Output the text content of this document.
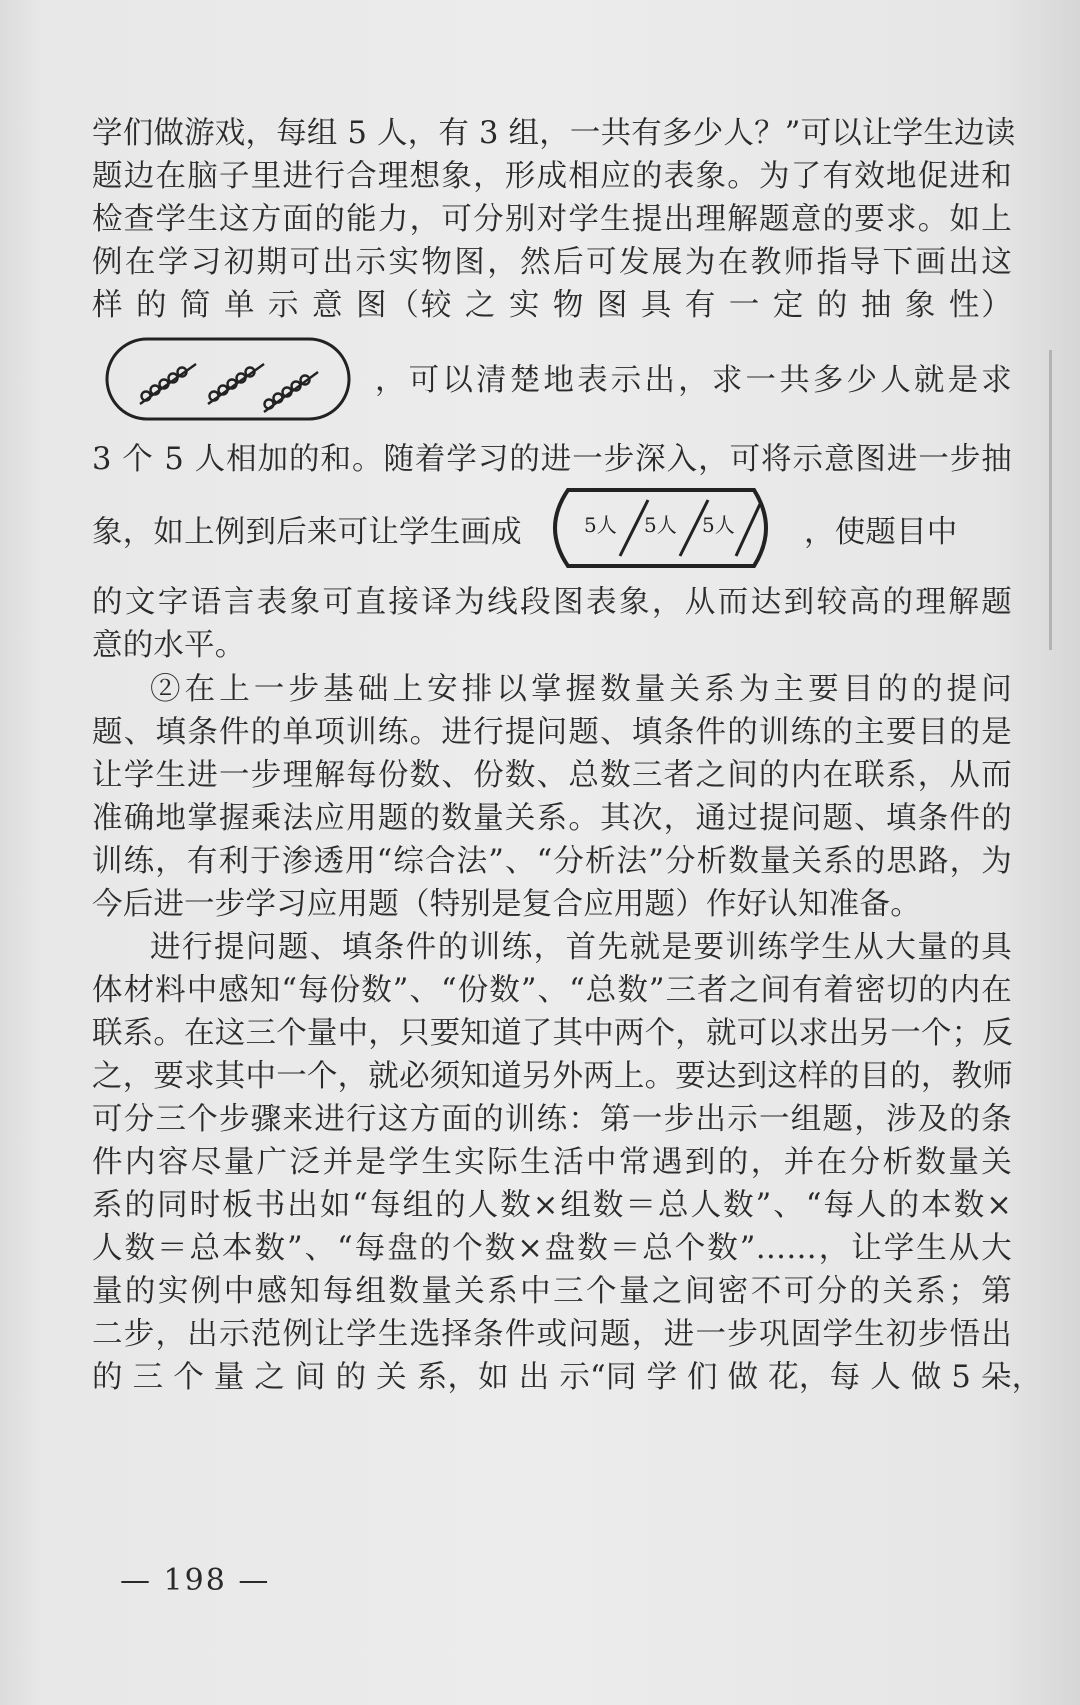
学们做游戏，每组 5 人，有 3 组，一共有多少人？”可以让学生边读
题边在脑子里进行合理想象，形成相应的表象。为了有效地促进和
检查学生这方面的能力，可分别对学生提出理解题意的要求。如上
例在学习初期可出示实物图，然后可发展为在教师指导下画出这
样 的 简 单 示 意 图（较 之 实 物 图 具 有 一 定 的 抽 象 性）
，可以清楚地表示出，求一共多少人就是求
3 个 5 人相加的和。随着学习的进一步深入，可将示意图进一步抽
象，如上例到后来可让学生画成	5人 5人 5人 ，使题目中
的文字语言表象可直接译为线段图表象，从而达到较高的理解题
意的水平。
②在上一步基础上安排以掌握数量关系为主要目的的提问
题、填条件的单项训练。进行提问题、填条件的训练的主要目的是
让学生进一步理解每份数、份数、总数三者之间的内在联系，从而
准确地掌握乘法应用题的数量关系。其次，通过提问题、填条件的
训练，有利于渗透用“综合法”、“分析法”分析数量关系的思路，为
今后进一步学习应用题（特别是复合应用题）作好认知准备。
进行提问题、填条件的训练，首先就是要训练学生从大量的具
体材料中感知“每份数”、“份数”、“总数”三者之间有着密切的内在
联系。在这三个量中，只要知道了其中两个，就可以求出另一个；反
之，要求其中一个，就必须知道另外两上。要达到这样的目的，教师
可分三个步骤来进行这方面的训练：第一步出示一组题，涉及的条
件内容尽量广泛并是学生实际生活中常遇到的，并在分析数量关
系的同时板书出如“每组的人数×组数＝总人数”、“每人的本数×
人数＝总本数”、“每盘的个数×盘数＝总个数”……，让学生从大
量的实例中感知每组数量关系中三个量之间密不可分的关系；第
二步，出示范例让学生选择条件或问题，进一步巩固学生初步悟出
的 三 个 量 之 间 的 关 系，如 出 示“同 学 们 做 花，每 人 做 5 朵，
— 198 —
